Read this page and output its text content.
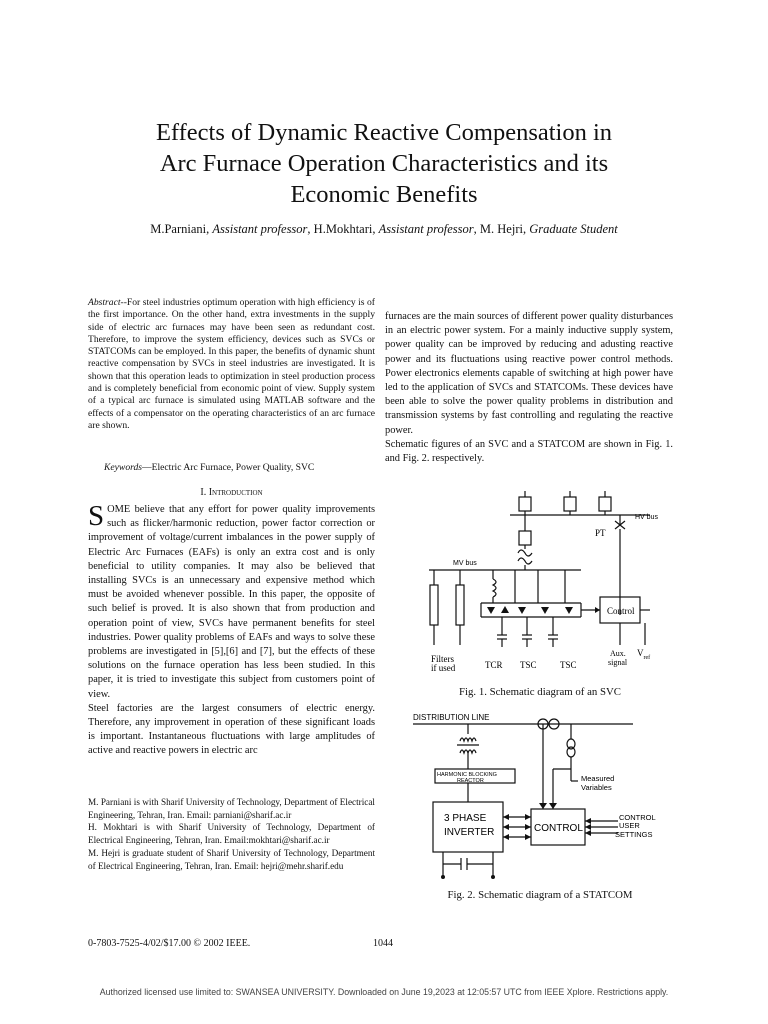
Effects of Dynamic Reactive Compensation in
Arc Furnace Operation Characteristics and its
Economic Benefits
M.Parniani, Assistant professor, H.Mokhtari, Assistant professor, M. Hejri, Graduate Student
Abstract--For steel industries optimum operation with high efficiency is of the first importance. On the other hand, extra investments in the supply side of electric arc furnaces may have been seen as redundant cost. Therefore, to improve the system efficiency, devices such as SVCs or STATCOMs can be employed. In this paper, the benefits of dynamic shunt reactive compensation by SVCs in steel industries are investigated. It is shown that this operation leads to optimization in steel production process and is completely beneficial from economic point of view. Supply system of a typical arc furnace is simulated using MATLAB software and the effects of a compensator on the operating characteristics of an arc furnace are shown.
Keywords—Electric Arc Furnace, Power Quality, SVC
I. Introduction
SOME believe that any effort for power quality improvements such as flicker/harmonic reduction, power factor correction or improvement of voltage/current imbalances in the power supply of Electric Arc Furnaces (EAFs) is only an extra cost and is only beneficial to utility companies. It may also be believed that installing SVCs is an unnecessary and expensive method which must be avoided whenever possible. In this paper, the opposite of such belief is proved. It is also shown that from production and operation point of view, SVCs have permanent benefits for steel industries. Power quality problems of EAFs and ways to solve these problems are investigated in [5],[6] and [7], but the effects of these solutions on the furnace operation has less been studied. In this paper, it is tried to investigate this subject from customers point of view.
Steel factories are the largest consumers of electric energy. Therefore, any improvement in operation of these significant loads is important. Instantaneous fluctuations with large amplitudes of active and reactive powers in electric arc
M. Parniani is with Sharif University of Technology, Department of Electrical Engineering, Tehran, Iran. Email: parniani@sharif.ac.ir
H. Mokhtari is with Sharif University of Technology, Department of Electrical Engineering, Tehran, Iran. Email:mokhtari@sharif.ac.ir
M. Hejri is graduate student of Sharif University of Technology, Department of Electrical Engineering, Tehran, Iran. Email: hejri@mehr.sharif.edu
furnaces are the main sources of different power quality disturbances in an electric power system. For a mainly inductive supply system, power quality can be improved by reducing and adusting reactive power and its fluctuations using reactive power control methods. Power electronics elements capable of switching at high power have led to the application of SVCs and STATCOMs. These devices have been able to solve the power quality problems in distribution and transmission systems by fast controlling and regulating the reactive power.
Schematic figures of an SVC and a STATCOM are shown in Fig. 1. and Fig. 2. respectively.
HV bus
PT
MV bus
Control
Filters
if used	TCR TSC	TSC
Aux.
signal
$V_{ref}$
Fig. 1. Schematic diagram of an SVC
DISTRIBUTION LINE
HARMONIC BLOCKING
REACTOR	Measured
Variables
3 PHASE
INVERTER	CONTROL
CONTROL
USER
SETTINGS
Fig. 2. Schematic diagram of a STATCOM
0-7803-7525-4/02/$17.00 © 2002 IEEE.	1044
Authorized licensed use limited to: SWANSEA UNIVERSITY. Downloaded on June 19,2023 at 12:05:57 UTC from IEEE Xplore. Restrictions apply.
